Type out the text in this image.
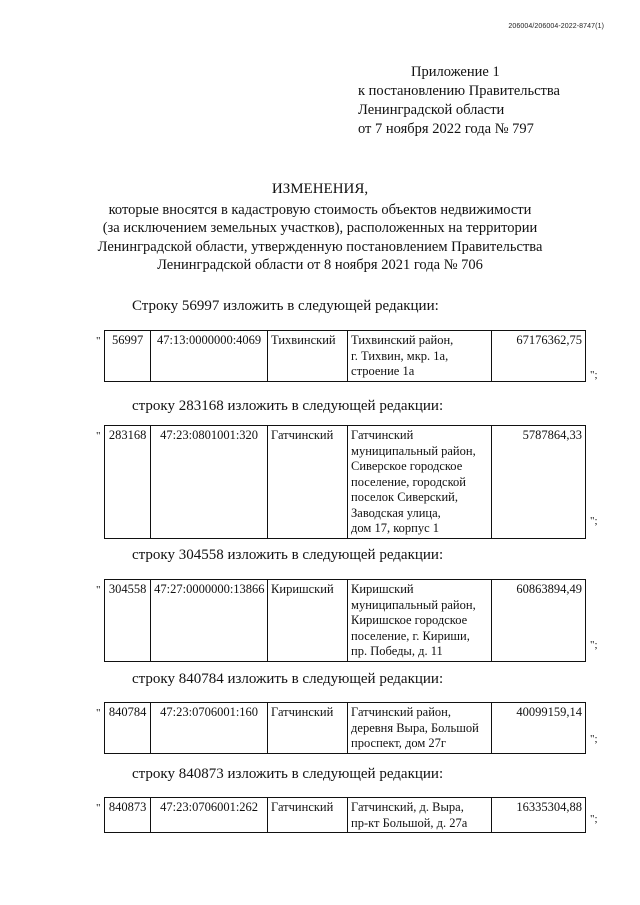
206004/206004-2022-8747(1)
Приложение 1
к постановлению Правительства
Ленинградской области
от 7 ноября 2022 года № 797
ИЗМЕНЕНИЯ,
которые вносятся в кадастровую стоимость объектов недвижимости
(за исключением земельных участков), расположенных на территории
Ленинградской области, утвержденную постановлением Правительства
Ленинградской области от 8 ноября 2021 года № 706
Строку 56997 изложить в следующей редакции:
" 56997	47:13:0000000:4069	Тихвинский	Тихвинский район,
г. Тихвин, мкр. 1а,
строение 1а
	67176362,75
";
строку 283168 изложить в следующей редакции:
" 283168	47:23:0801001:320	Гатчинский	Гатчинский
муниципальный район,
Сиверское городское
поселение, городской
поселок Сиверский,
Заводская улица,
дом 17, корпус 1
	5787864,33
";
строку 304558 изложить в следующей редакции:
" 304558	47:27:0000000:13866	Киришский	Киришский
муниципальный район,
Киришское городское
поселение, г. Кириши,
пр. Победы, д. 11
	60863894,49
";
строку 840784 изложить в следующей редакции:
" 840784	47:23:0706001:160	Гатчинский	Гатчинский район,
деревня Выра, Большой
проспект, дом 27г
	40099159,14
";
строку 840873 изложить в следующей редакции:
" 840873	47:23:0706001:262	Гатчинский	Гатчинский, д. Выра,
пр-кт Большой, д. 27а
	16335304,88
";
